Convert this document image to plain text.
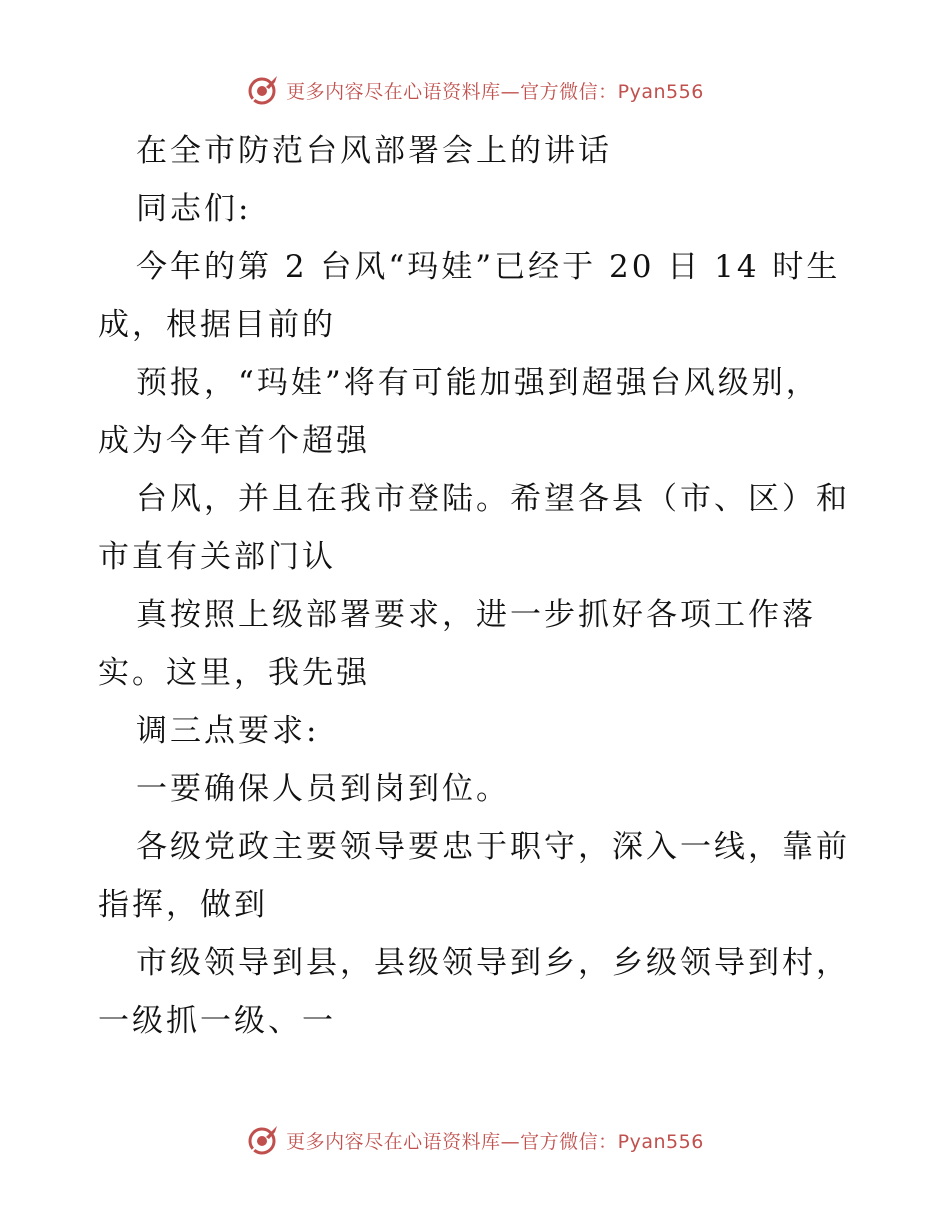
更多内容尽在心语资料库—官方微信：Pyan556
在全市防范台风部署会上的讲话
同志们:
今年的第 2 台风“玛娃”已经于 20 日 14 时生
成，根据目前的
预报，“玛娃”将有可能加强到超强台风级别，
成为今年首个超强
台风，并且在我市登陆。希望各县（市、区）和
市直有关部门认
真按照上级部署要求，进一步抓好各项工作落
实。这里，我先强
调三点要求:
一要确保人员到岗到位。
各级党政主要领导要忠于职守，深入一线，靠前
指挥，做到
市级领导到县，县级领导到乡，乡级领导到村，
一级抓一级、一
更多内容尽在心语资料库—官方微信：Pyan556
